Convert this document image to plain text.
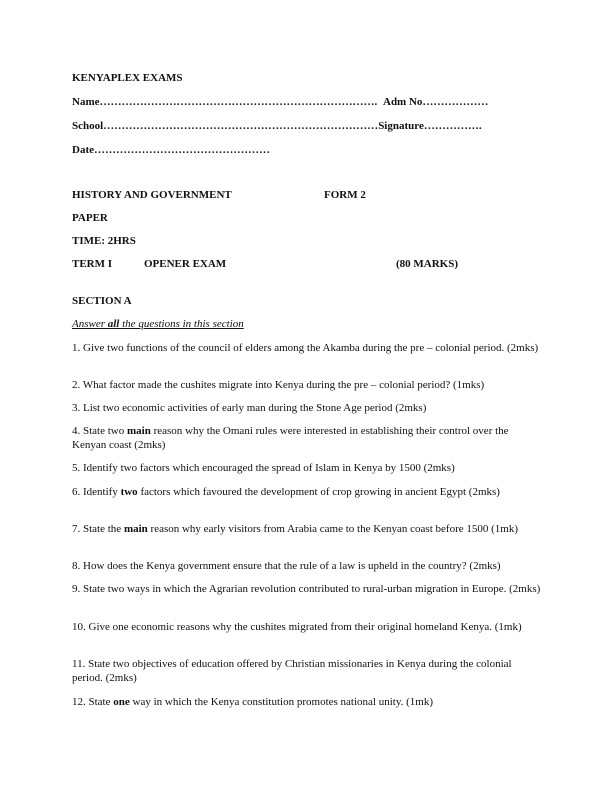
KENYAPLEX EXAMS
Name…………………………………………………………………. Adm No………………
School…………………………………………………………………Signature…………….
Date…………………………………………
HISTORY AND GOVERNMENT	FORM 2
PAPER
TIME: 2HRS
TERM I	OPENER EXAM	(80 MARKS)
SECTION A
Answer all the questions in this section
1. Give two functions of the council of elders among the Akamba during the pre – colonial period. (2mks)
2. What factor made the cushites migrate into Kenya during the pre – colonial period? (1mks)
3. List two economic activities of early man during the Stone Age period (2mks)
4. State two main reason why the Omani rules were interested in establishing their control over the Kenyan coast (2mks)
5. Identify two factors which encouraged the spread of Islam in Kenya by 1500 (2mks)
6. Identify two factors which favoured the development of crop growing in ancient Egypt (2mks)
7. State the main reason why early visitors from Arabia came to the Kenyan coast before 1500 (1mk)
8. How does the Kenya government ensure that the rule of a law is upheld in the country? (2mks)
9. State two ways in which the Agrarian revolution contributed to rural-urban migration in Europe. (2mks)
10. Give one economic reasons why the cushites migrated from their original homeland Kenya. (1mk)
11. State two objectives of education offered by Christian missionaries in Kenya during the colonial period. (2mks)
12. State one way in which the Kenya constitution promotes national unity. (1mk)
